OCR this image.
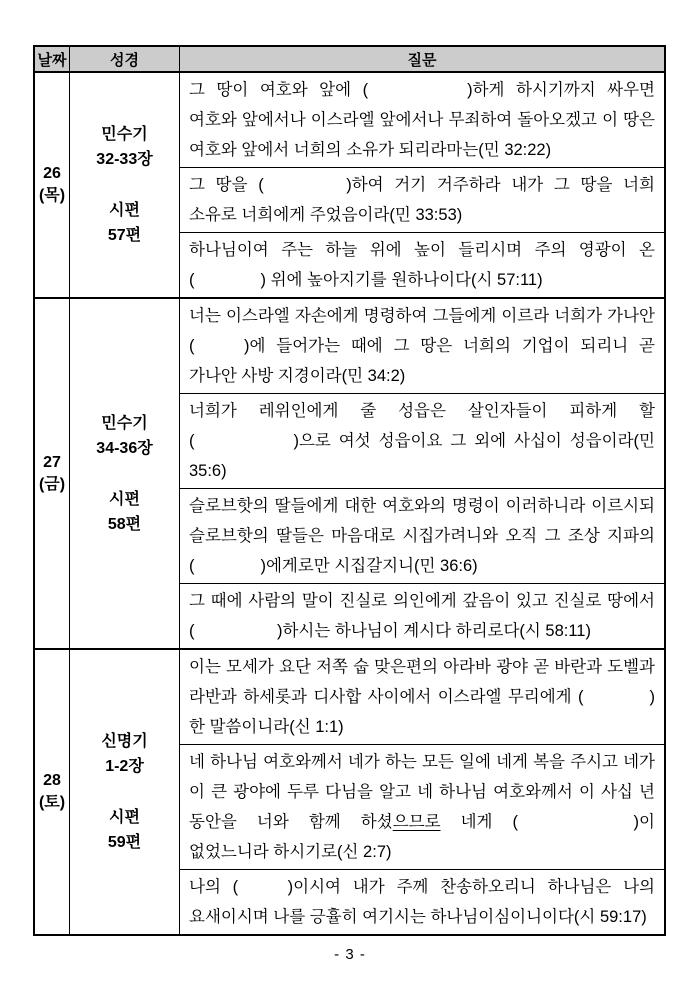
날짜	성경	질문
26
(목)
민수기
32-33장
시편
57편
그 땅이 여호와 앞에 (      )하게 하시기까지 싸우면 여호와 앞에서나 이스라엘 앞에서나 무죄하여 돌아오겠고 이 땅은 여호와 앞에서 너희의 소유가 되리라마는(민 32:22)
그 땅을 (     )하여 거기 거주하라 내가 그 땅을 너희 소유로 너희에게 주었음이라(민 33:53)
하나님이여 주는 하늘 위에 높이 들리시며 주의 영광이 온 (    ) 위에 높아지기를 원하나이다(시 57:11)
27
(금)
민수기
34-36장
시편
58편
너는 이스라엘 자손에게 명령하여 그들에게 이르라 너희가 가나안 (   )에 들어가는 때에 그 땅은 너희의 기업이 되리니 곧 가나안 사방 지경이라(민 34:2)
너희가 레위인에게 줄 성읍은 살인자들이 피하게 할 (      )으로 여섯 성읍이요 그 외에 사십이 성읍이라(민 35:6)
슬로브핫의 딸들에게 대한 여호와의 명령이 이러하니라 이르시되 슬로브핫의 딸들은 마음대로 시집가려니와 오직 그 조상 지파의 (    )에게로만 시집갈지니(민 36:6)
그 때에 사람의 말이 진실로 의인에게 갚음이 있고 진실로 땅에서 (     )하시는 하나님이 계시다 하리로다(시 58:11)
28
(토)
신명기
1-2장
시편
59편
이는 모세가 요단 저쪽 숩 맞은편의 아라바 광야 곧 바란과 도벨과 라반과 하세롯과 디사합 사이에서 이스라엘 무리에게 (    )한 말씀이니라(신 1:1)
네 하나님 여호와께서 네가 하는 모든 일에 네게 복을 주시고 네가 이 큰 광야에 두루 다님을 알고 네 하나님 여호와께서 이 사십 년 동안을 너와 함께 하셨으므로 네게 (       )이 없었느니라 하시기로(신 2:7)
나의 (   )이시여 내가 주께 찬송하오리니 하나님은 나의 요새이시며 나를 긍휼히 여기시는 하나님이심이니이다(시 59:17)
- 3 -
